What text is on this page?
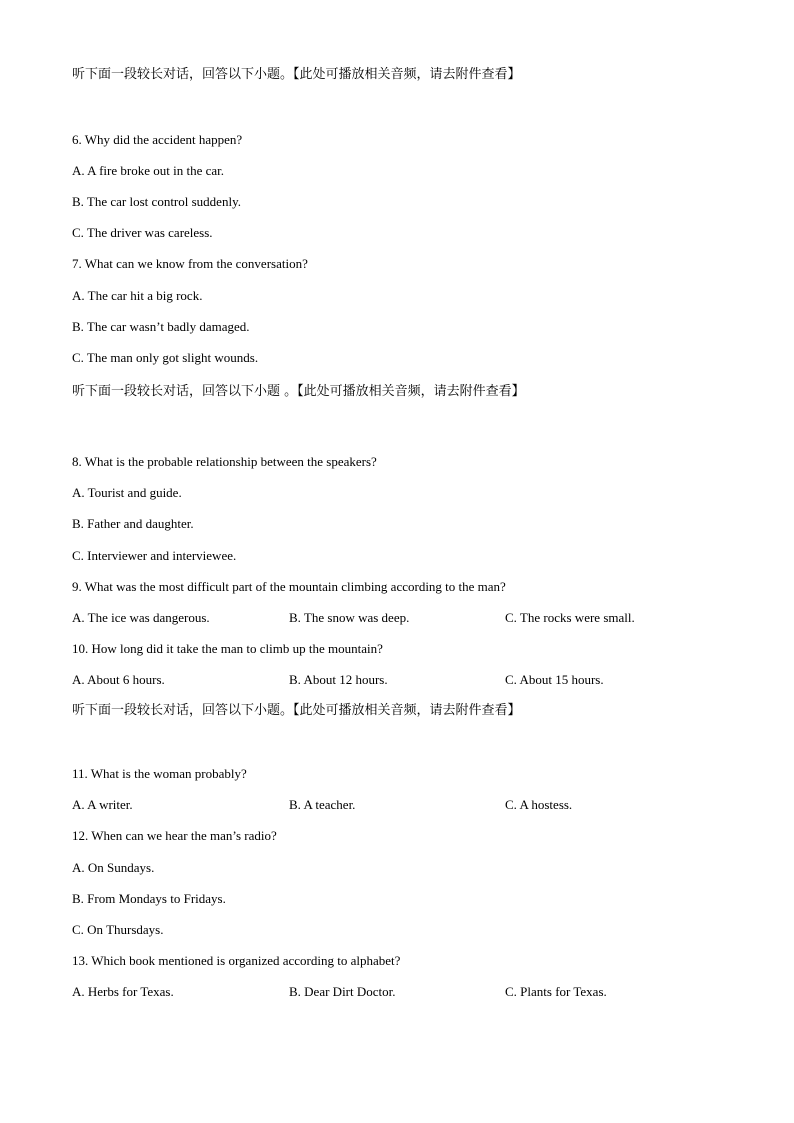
听下面一段较长对话，回答以下小题。【此处可播放相关音频，请去附件查看】
6. Why did the accident happen?
A. A fire broke out in the car.
B. The car lost control suddenly.
C. The driver was careless.
7. What can we know from the conversation?
A. The car hit a big rock.
B. The car wasn’t badly damaged.
C. The man only got slight wounds.
听下面一段较长对话，回答以下小题 。【此处可播放相关音频，请去附件查看】
8. What is the probable relationship between the speakers?
A. Tourist and guide.
B. Father and daughter.
C. Interviewer and interviewee.
9. What was the most difficult part of the mountain climbing according to the man?
A. The ice was dangerous.	B. The snow was deep.	C. The rocks were small.
10. How long did it take the man to climb up the mountain?
A. About 6 hours.	B. About 12 hours.	C. About 15 hours.
听下面一段较长对话，回答以下小题。【此处可播放相关音频，请去附件查看】
11. What is the woman probably?
A. A writer.	B. A teacher.	C. A hostess.
12. When can we hear the man’s radio?
A. On Sundays.
B. From Mondays to Fridays.
C. On Thursdays.
13. Which book mentioned is organized according to alphabet?
A. Herbs for Texas.	B. Dear Dirt Doctor.	C. Plants for Texas.
